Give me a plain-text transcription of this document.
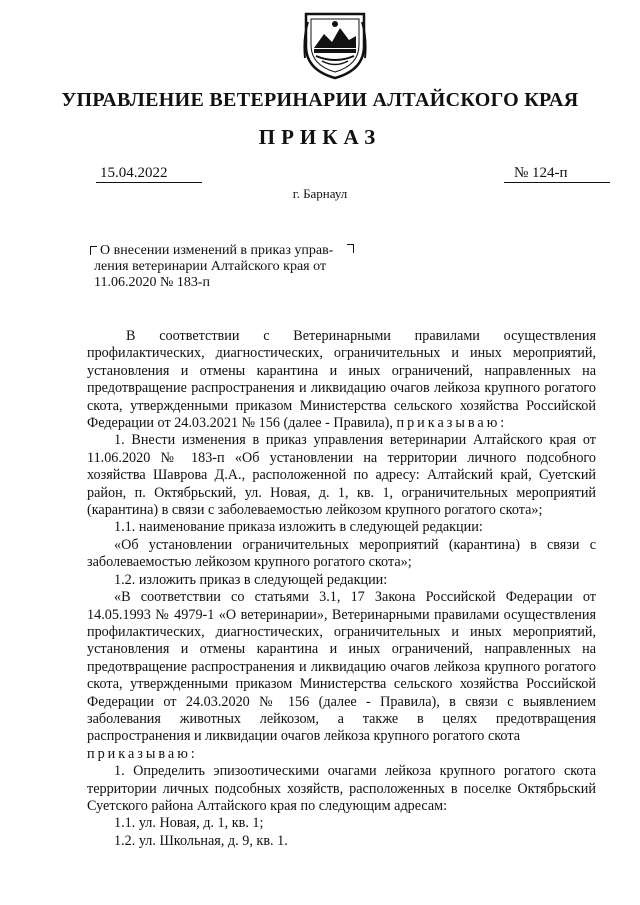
УПРАВЛЕНИЕ ВЕТЕРИНАРИИ АЛТАЙСКОГО КРАЯ
ПРИКАЗ
15.04.2022	№ 124-п
г. Барнаул
О внесении изменений в приказ управ-
ления ветеринарии Алтайского края от
11.06.2020 № 183-п

В соответствии с Ветеринарными правилами осуществления профилактических, диагностических, ограничительных и иных мероприятий, установления и отмены карантина и иных ограничений, направленных на предотвращение распространения и ликвидацию очагов лейкоза крупного рогатого скота, утвержденными приказом Министерства сельского хозяйства Российской Федерации от 24.03.2021 № 156 (далее - Правила), приказываю:

1. Внести изменения в приказ управления ветеринарии Алтайского края от 11.06.2020 № 183-п «Об установлении на территории личного подсобного хозяйства Шаврова Д.А., расположенной по адресу: Алтайский край, Суетский район, п. Октябрьский, ул. Новая, д. 1, кв. 1, ограничительных мероприятий (карантина) в связи с заболеваемостью лейкозом крупного рогатого скота»;

1.1. наименование приказа изложить в следующей редакции:

«Об установлении ограничительных мероприятий (карантина) в связи с заболеваемостью лейкозом крупного рогатого скота»;

1.2. изложить приказ в следующей редакции:

«В соответствии со статьями 3.1, 17 Закона Российской Федерации от 14.05.1993 № 4979-1 «О ветеринарии», Ветеринарными правилами осуществления профилактических, диагностических, ограничительных и иных мероприятий, установления и отмены карантина и иных ограничений, направленных на предотвращение распространения и ликвидацию очагов лейкоза крупного рогатого скота, утвержденными приказом Министерства сельского хозяйства Российской Федерации от 24.03.2020 № 156 (далее - Правила), в связи с выявлением заболевания животных лейкозом, а также в целях предотвращения распространения и ликвидации очагов лейкоза крупного рогатого скота

приказываю:

1. Определить эпизоотическими очагами лейкоза крупного рогатого скота территории личных подсобных хозяйств, расположенных в поселке Октябрьский Суетского района Алтайского края по следующим адресам:

1.1. ул. Новая, д. 1, кв. 1;

1.2. ул. Школьная, д. 9, кв. 1.
